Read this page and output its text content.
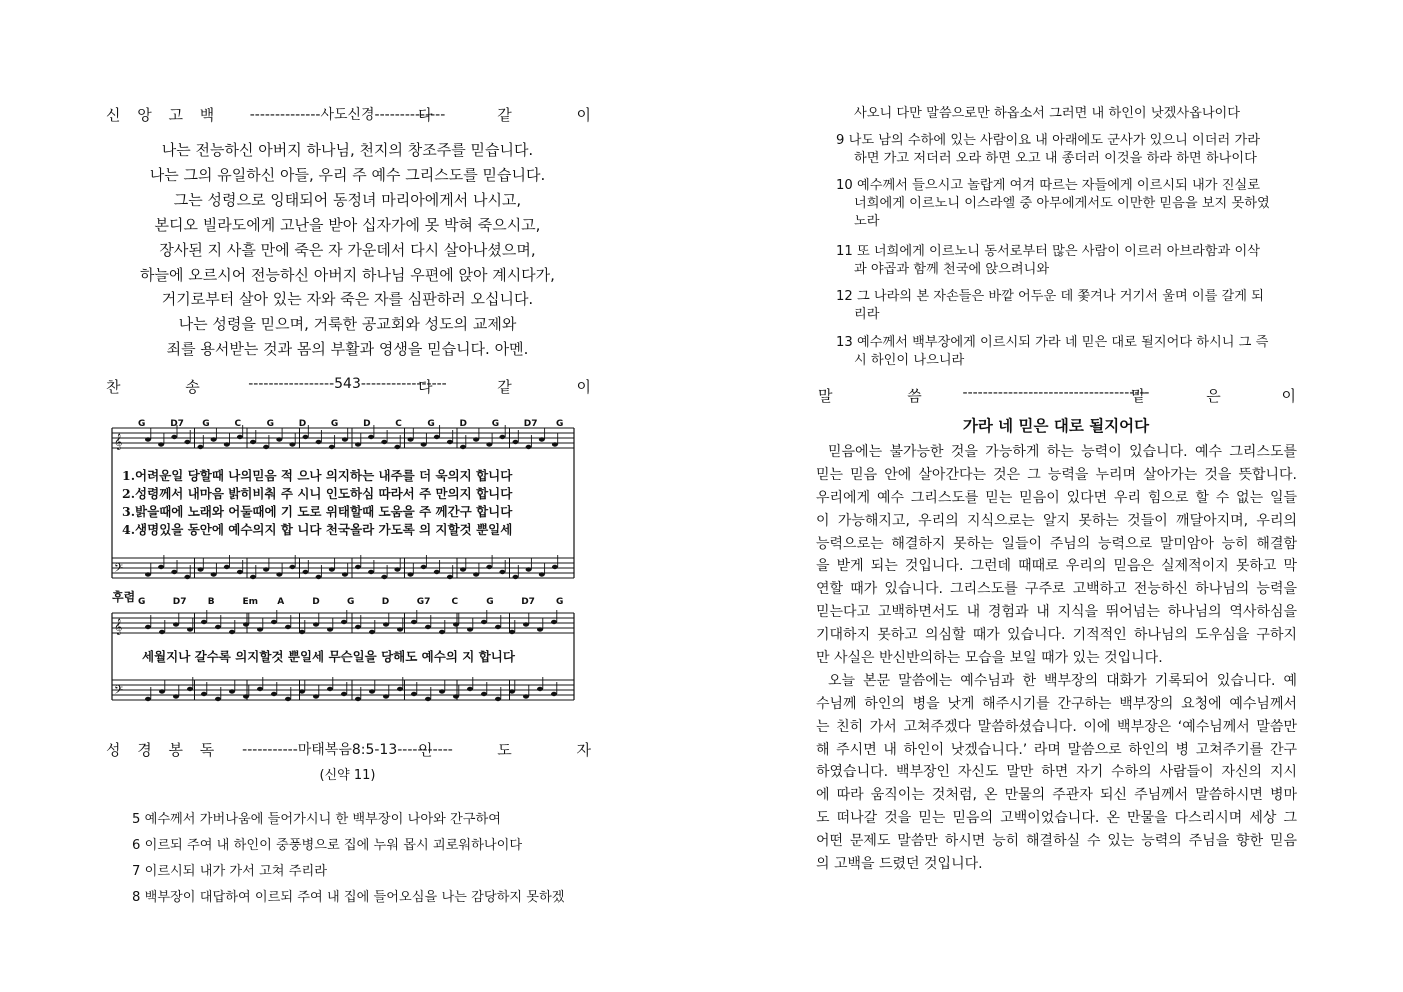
신 앙 고 백	--------------사도신경--------------
다 같 이
나는 전능하신 아버지 하나님, 천지의 창조주를 믿습니다.
나는 그의 유일하신 아들, 우리 주 예수 그리스도를 믿습니다.
그는 성령으로 잉태되어 동정녀 마리아에게서 나시고,
본디오 빌라도에게 고난을 받아 십자가에 못 박혀 죽으시고,
장사된 지 사흘 만에 죽은 자 가운데서 다시 살아나셨으며,
하늘에 오르시어 전능하신 아버지 하나님 우편에 앉아 계시다가,
거기로부터 살아 있는 자와 죽은 자를 심판하러 오십니다.
나는 성령을 믿으며, 거룩한 공교회와 성도의 교제와
죄를 용서받는 것과 몸의 부활과 영생을 믿습니다. 아멘.
찬 송	-----------------543-----------------
다 같 이
𝄞
𝄢
𝄞
𝄢
G	D7 G	C	G	D	G	D	C	G	D	G	D7 G
G	D7 B	Em A	D	G	D	G7 C	G	D7 G
1.어려운일 당할때 나의믿음 적 으나 의지하는 내주를 더 욱의지 합니다
2.성령께서 내마음 밝히비춰 주 시니 인도하심 따라서 주 만의지 합니다
3.밝을때에 노래와 어둘때에 기 도로 위태할때 도움을 주 께간구 합니다
4.생명있을 동안에 예수의지 합 니다 천국올라 가도록 의 지할것 뿐일세
후렴
세월지나 갈수록 의지할것 뿐일세 무슨일을 당해도 예수의 지 합니다
성 경 봉 독	-----------마태복음8:5-13-----------
인 도 자
(신약 11)
5 예수께서 가버나움에 들어가시니 한 백부장이 나아와 간구하여
6 이르되 주여 내 하인이 중풍병으로 집에 누워 몹시 괴로워하나이다
7 이르시되 내가 가서 고쳐 주리라
8 백부장이 대답하여 이르되 주여 내 집에 들어오심을 나는 감당하지 못하겠
사오니 다만 말씀으로만 하옵소서 그러면 내 하인이 낫겠사옵나이다
9 나도 남의 수하에 있는 사람이요 내 아래에도 군사가 있으니 이더러 가라
하면 가고 저더러 오라 하면 오고 내 종더러 이것을 하라 하면 하나이다
10 예수께서 들으시고 놀랍게 여겨 따르는 자들에게 이르시되 내가 진실로
너희에게 이르노니 이스라엘 중 아무에게서도 이만한 믿음을 보지 못하였
노라
11 또 너희에게 이르노니 동서로부터 많은 사람이 이르러 아브라함과 이삭
과 야곱과 함께 천국에 앉으려니와
12 그 나라의 본 자손들은 바깥 어두운 데 쫓겨나 거기서 울며 이를 갈게 되
리라
13 예수께서 백부장에게 이르시되 가라 네 믿은 대로 될지어다 하시니 그 즉
시 하인이 나으니라
말 씀	-------------------------------------
맡 은 이
가라 네 믿은 대로 될지어다
믿음에는 불가능한 것을 가능하게 하는 능력이 있습니다. 예수 그리스도를
믿는 믿음 안에 살아간다는 것은 그 능력을 누리며 살아가는 것을 뜻합니다.
우리에게 예수 그리스도를 믿는 믿음이 있다면 우리 힘으로 할 수 없는 일들
이 가능해지고, 우리의 지식으로는 알지 못하는 것들이 깨달아지며, 우리의
능력으로는 해결하지 못하는 일들이 주님의 능력으로 말미암아 능히 해결함
을 받게 되는 것입니다. 그런데 때때로 우리의 믿음은 실제적이지 못하고 막
연할 때가 있습니다. 그리스도를 구주로 고백하고 전능하신 하나님의 능력을
믿는다고 고백하면서도 내 경험과 내 지식을 뛰어넘는 하나님의 역사하심을
기대하지 못하고 의심할 때가 있습니다. 기적적인 하나님의 도우심을 구하지
만 사실은 반신반의하는 모습을 보일 때가 있는 것입니다.
오늘 본문 말씀에는 예수님과 한 백부장의 대화가 기록되어 있습니다. 예
수님께 하인의 병을 낫게 해주시기를 간구하는 백부장의 요청에 예수님께서
는 친히 가서 고쳐주겠다 말씀하셨습니다. 이에 백부장은 ‘예수님께서 말씀만
해 주시면 내 하인이 낫겠습니다.’ 라며 말씀으로 하인의 병 고쳐주기를 간구
하였습니다. 백부장인 자신도 말만 하면 자기 수하의 사람들이 자신의 지시
에 따라 움직이는 것처럼, 온 만물의 주관자 되신 주님께서 말씀하시면 병마
도 떠나갈 것을 믿는 믿음의 고백이었습니다. 온 만물을 다스리시며 세상 그
어떤 문제도 말씀만 하시면 능히 해결하실 수 있는 능력의 주님을 향한 믿음
의 고백을 드렸던 것입니다.
